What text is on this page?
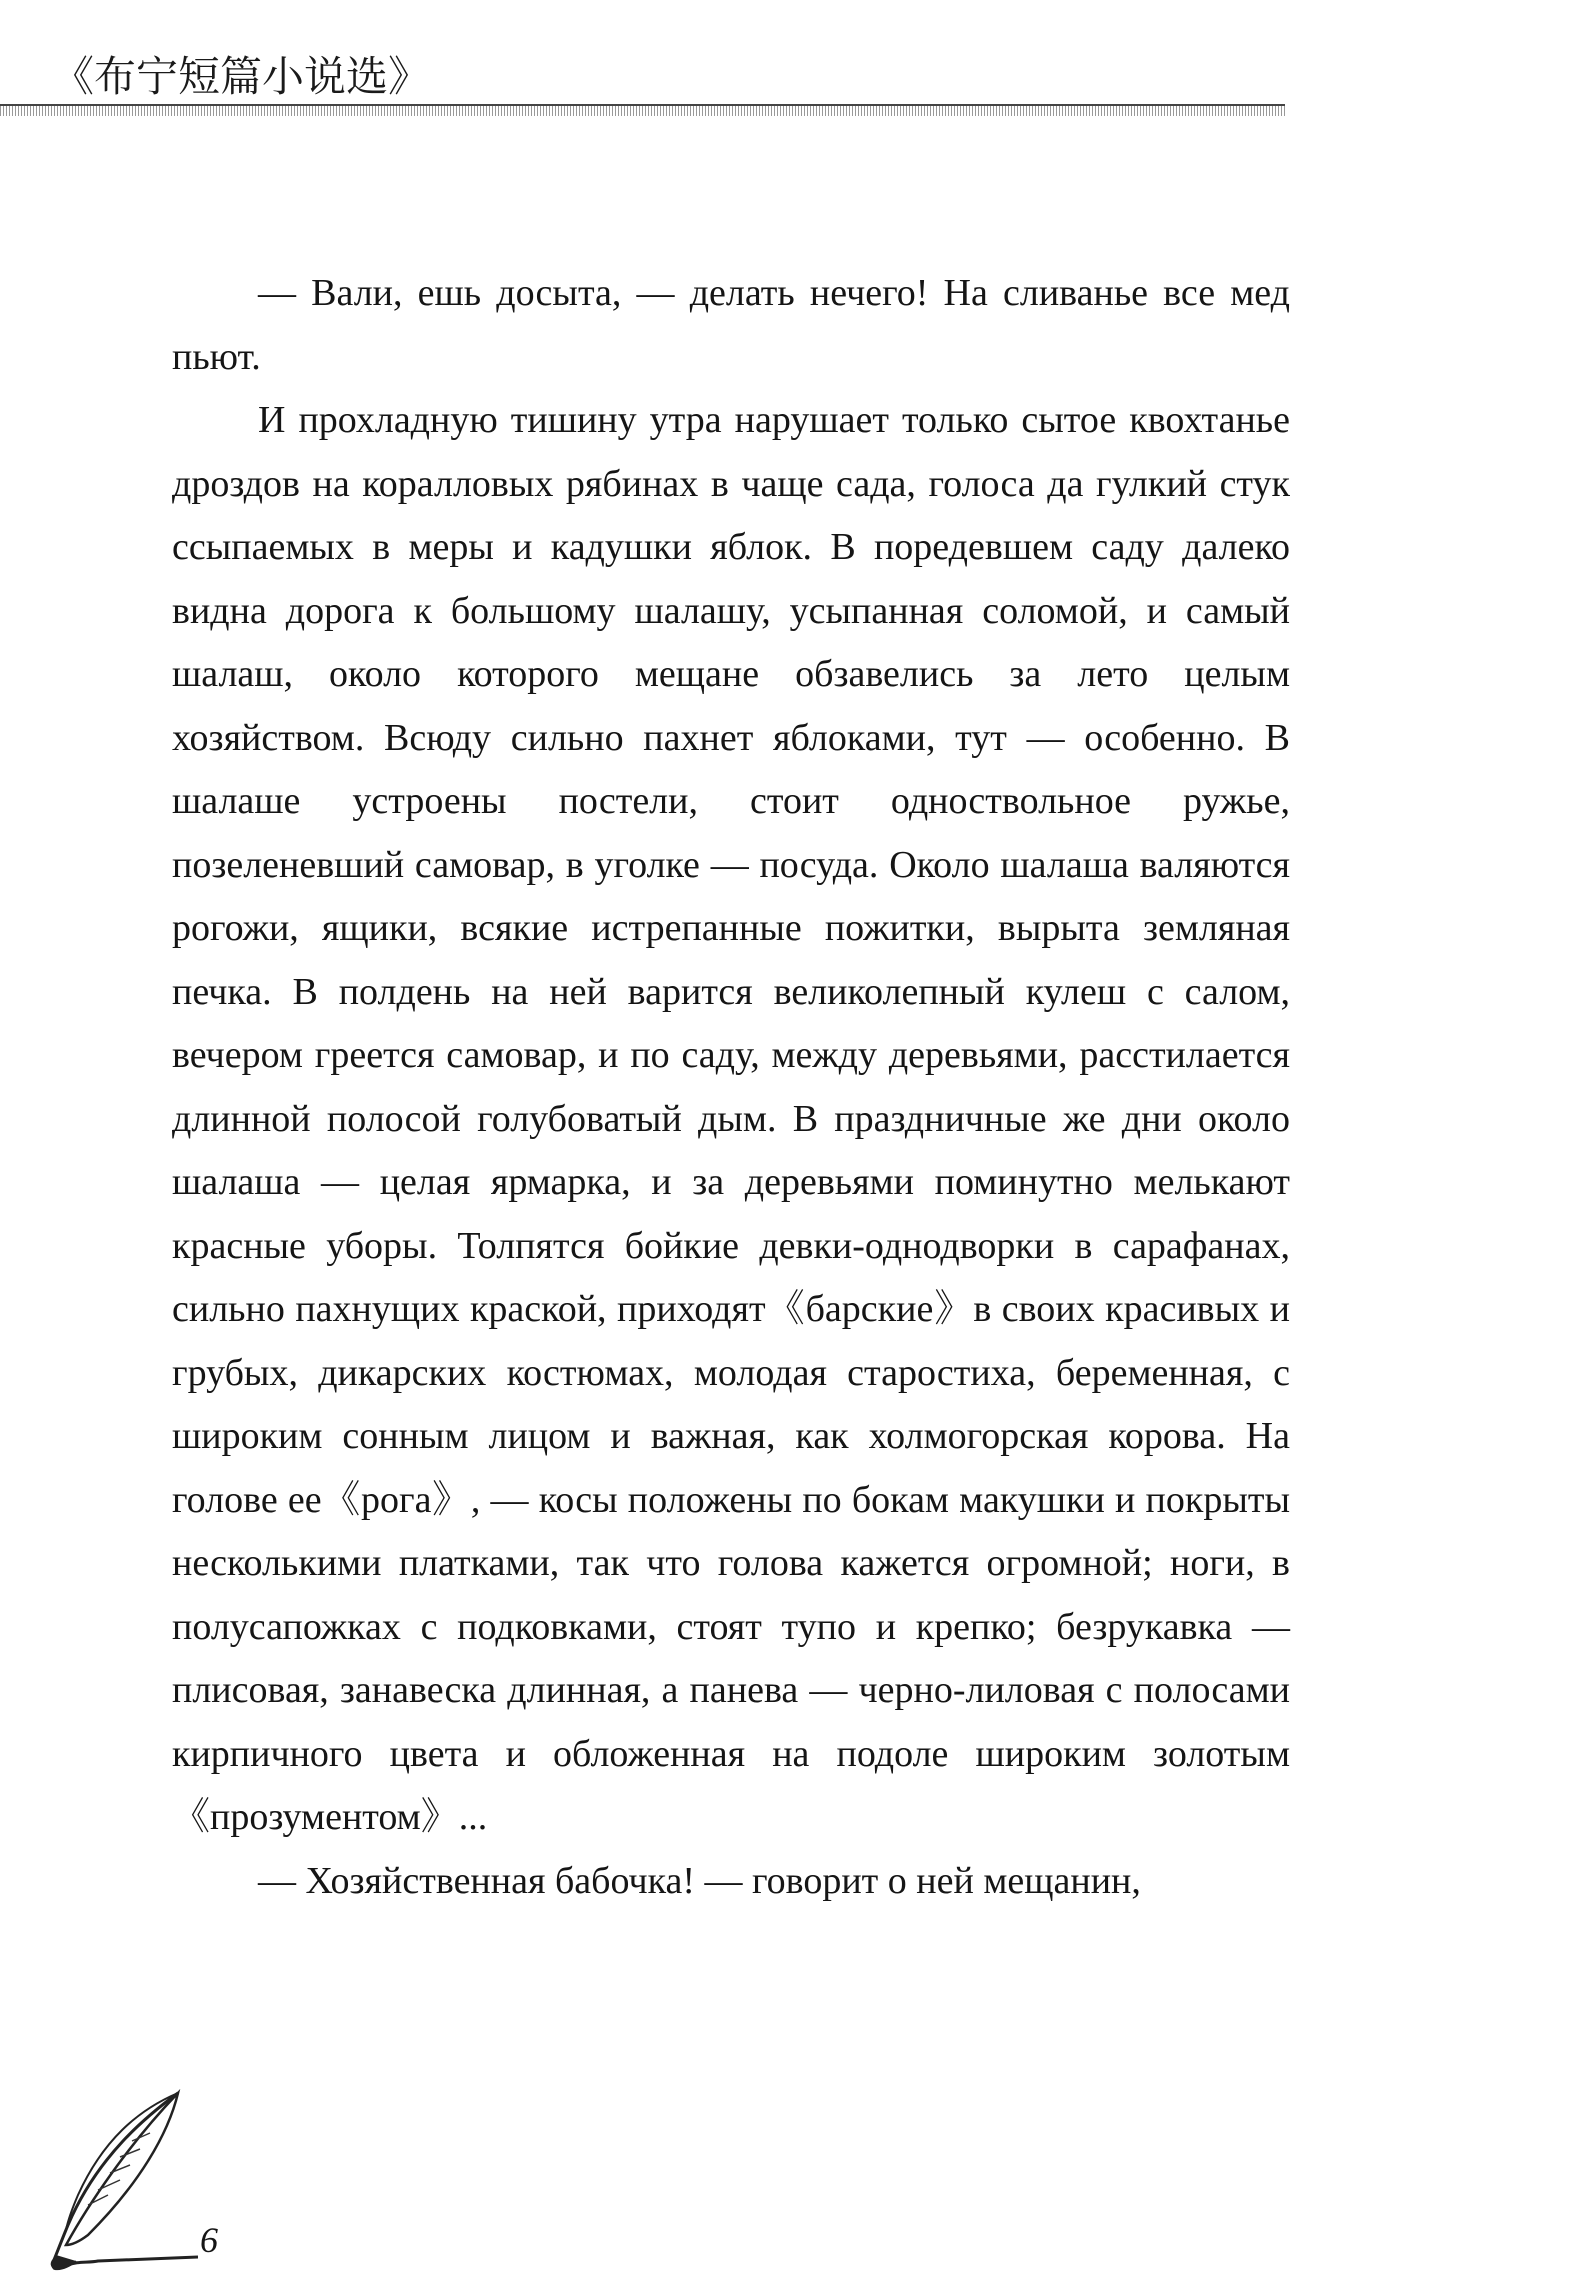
《布宁短篇小说选》

— Вали, ешь досыта, — делать нечего! На сливанье все мед пьют.

И прохладную тишину утра нарушает только сытое квохтанье дроздов на коралловых рябинах в чаще сада, голоса да гулкий стук ссыпаемых в меры и кадушки яблок. В поредевшем саду далеко видна дорога к большому шалашу, усыпанная соломой, и самый шалаш, около которого мещане обзавелись за лето целым хозяйством. Всюду сильно пахнет яблоками, тут — особенно. В шалаше устроены постели, стоит одноствольное ружье, позеленевший самовар, в уголке — посуда. Около шалаша валяются рогожи, ящики, всякие истрепанные пожитки, вырыта земляная печка. В полдень на ней варится великолепный кулеш с салом, вечером греется самовар, и по саду, между деревьями, расстилается длинной полосой голубоватый дым. В праздничные же дни около шалаша — целая ярмарка, и за деревьями поминутно мелькают красные уборы. Толпятся бойкие девки-однодворки в сарафанах, сильно пахнущих краской, приходят《барские》в своих красивых и грубых, дикарских костюмах, молодая старостиха, беременная, с широким сонным лицом и важная, как холмогорская корова. На голове ее《рога》, — косы положены по бокам макушки и покрыты несколькими платками, так что голова кажется огромной; ноги, в полусапожках с подковками, стоят тупо и крепко; безрукавка — плисовая, занавеска длинная, а панева — черно-лиловая с полосами кирпичного цвета и обложенная на подоле широким золотым《прозументом》...

— Хозяйственная бабочка! — говорит о ней мещанин,

6
